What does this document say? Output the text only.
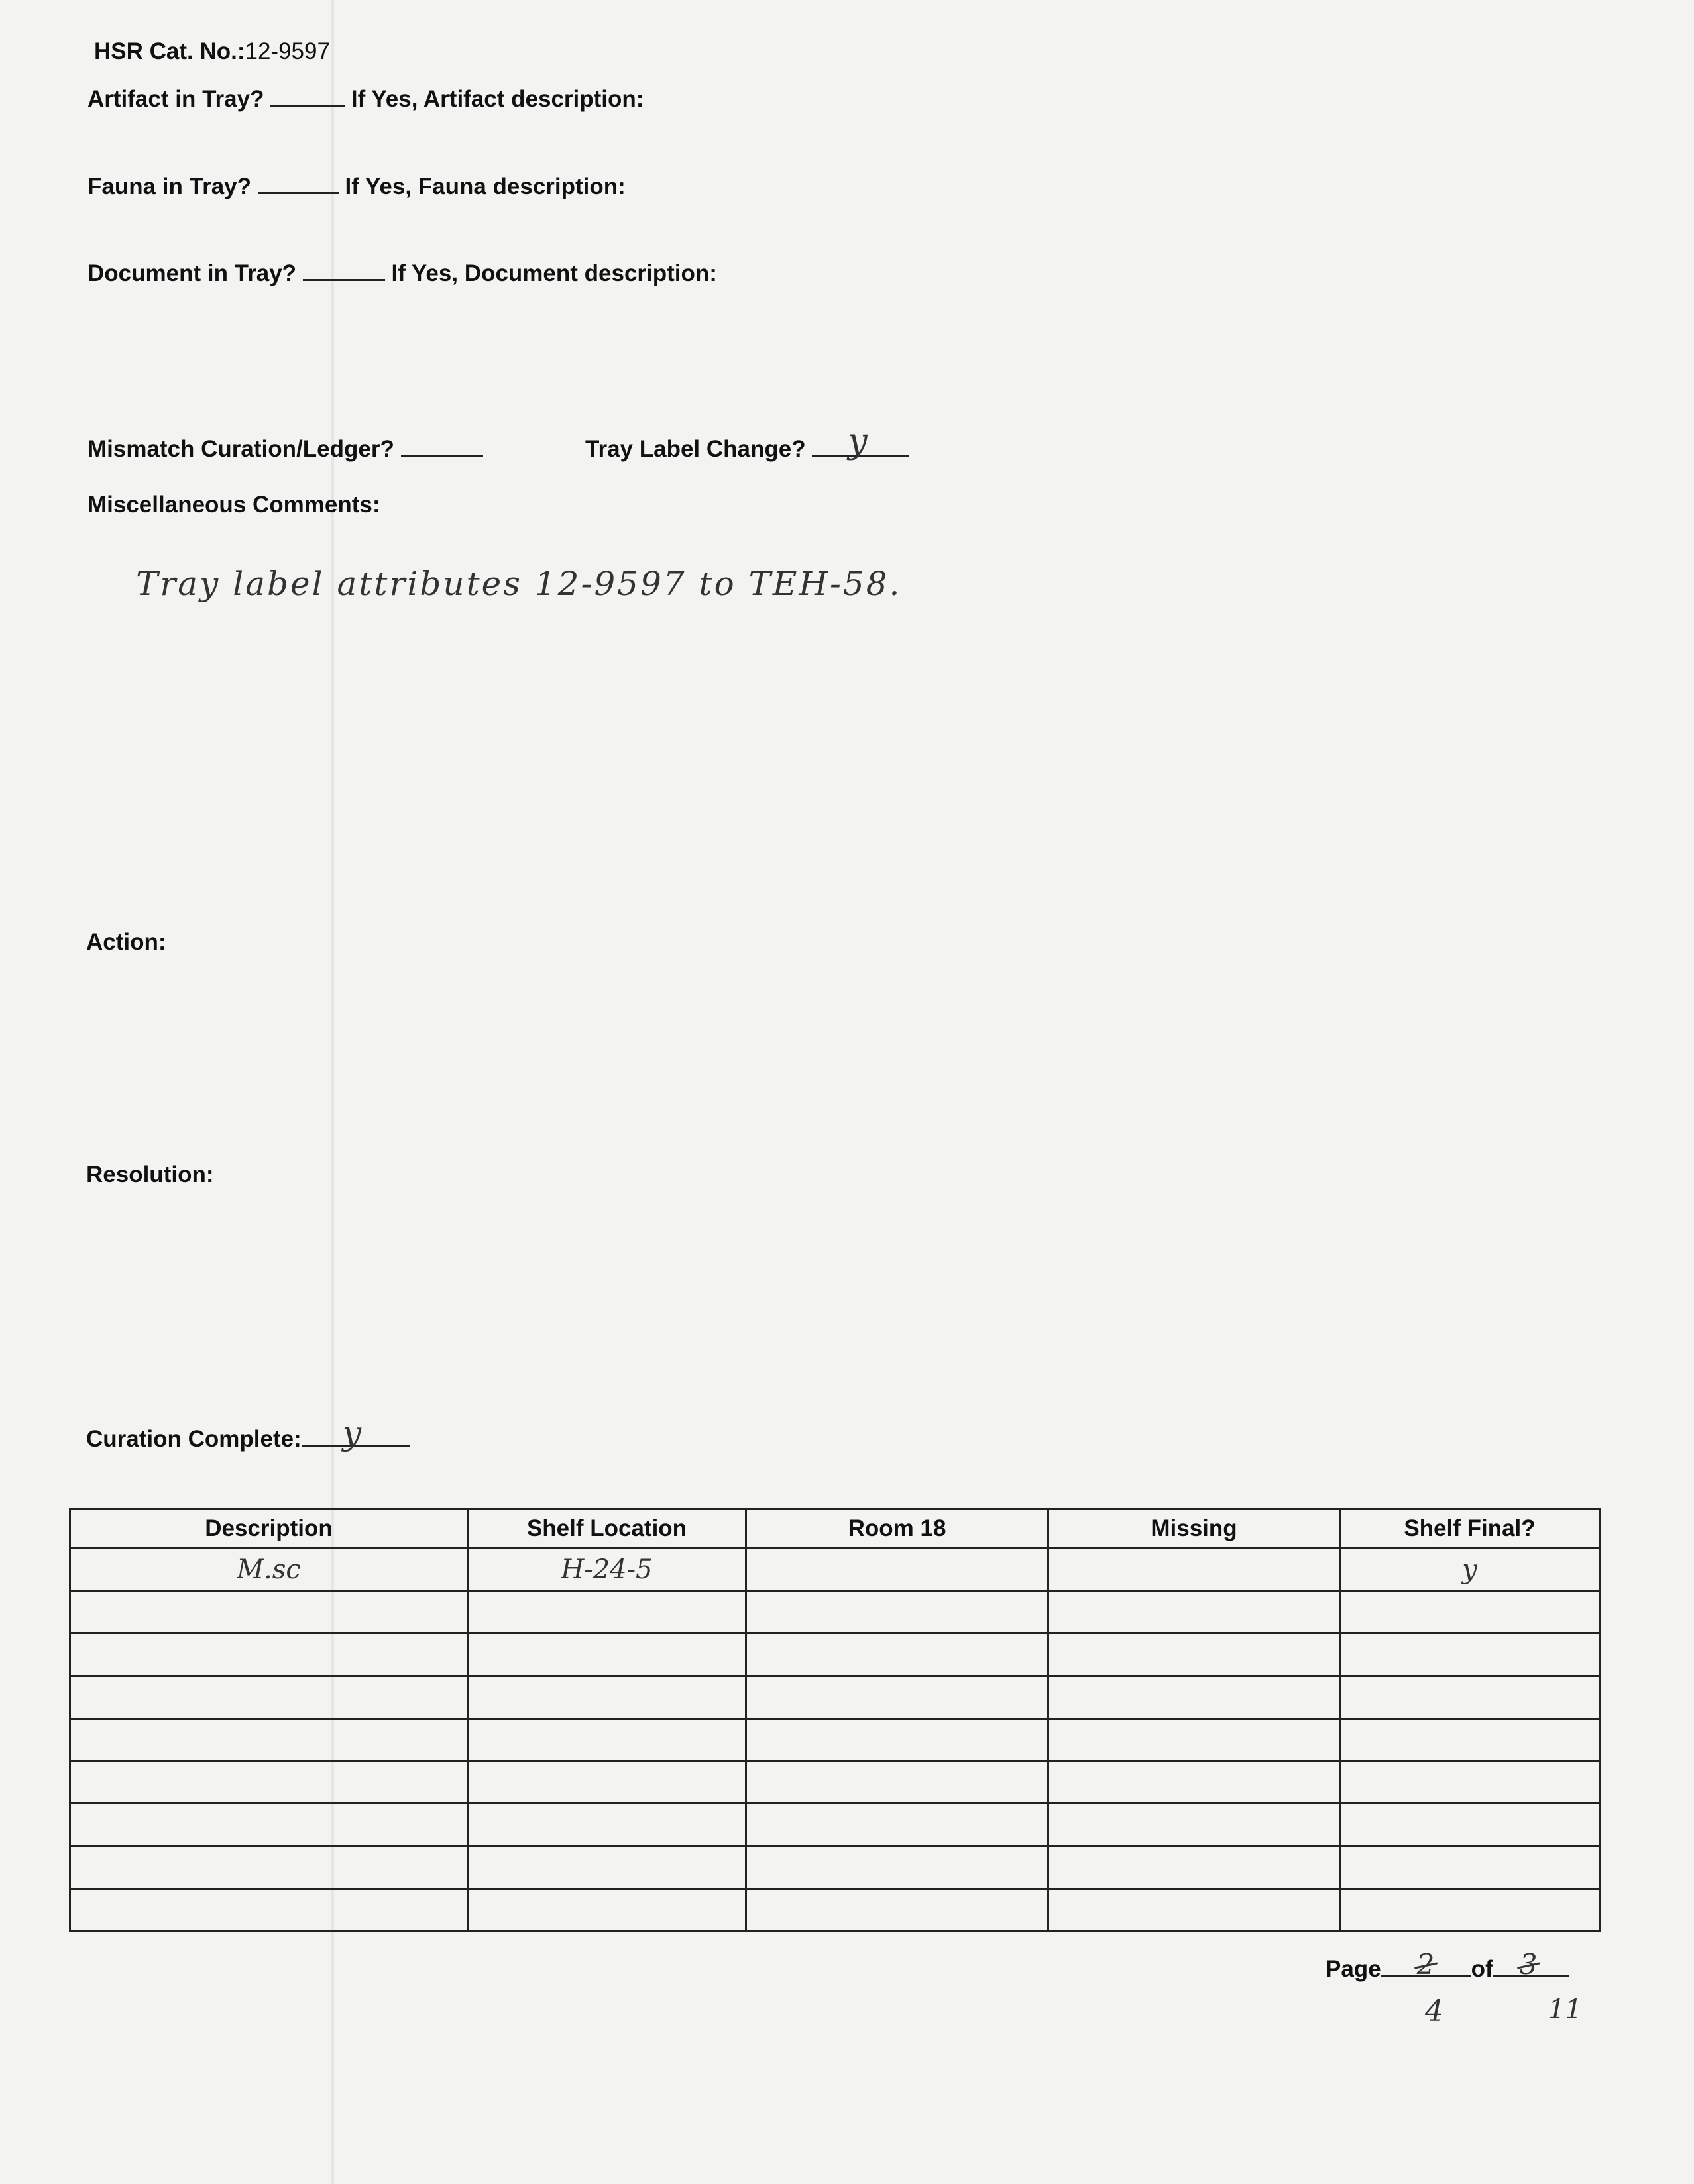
HSR Cat. No.:12-9597
Artifact in Tray?	If Yes, Artifact description:
Fauna in Tray?	If Yes, Fauna description:
Document in Tray?	If Yes, Document description:
Mismatch Curation/Ledger?	Tray Label Change? y
Miscellaneous Comments:
Tray label attributes 12-9597 to TEH-58.
Action:
Resolution:
Curation Complete: y
Description	Shelf Location	Room 18	Missing	Shelf Final?
M.sc	H-24-5			y

Page 2 of 3
4	11
